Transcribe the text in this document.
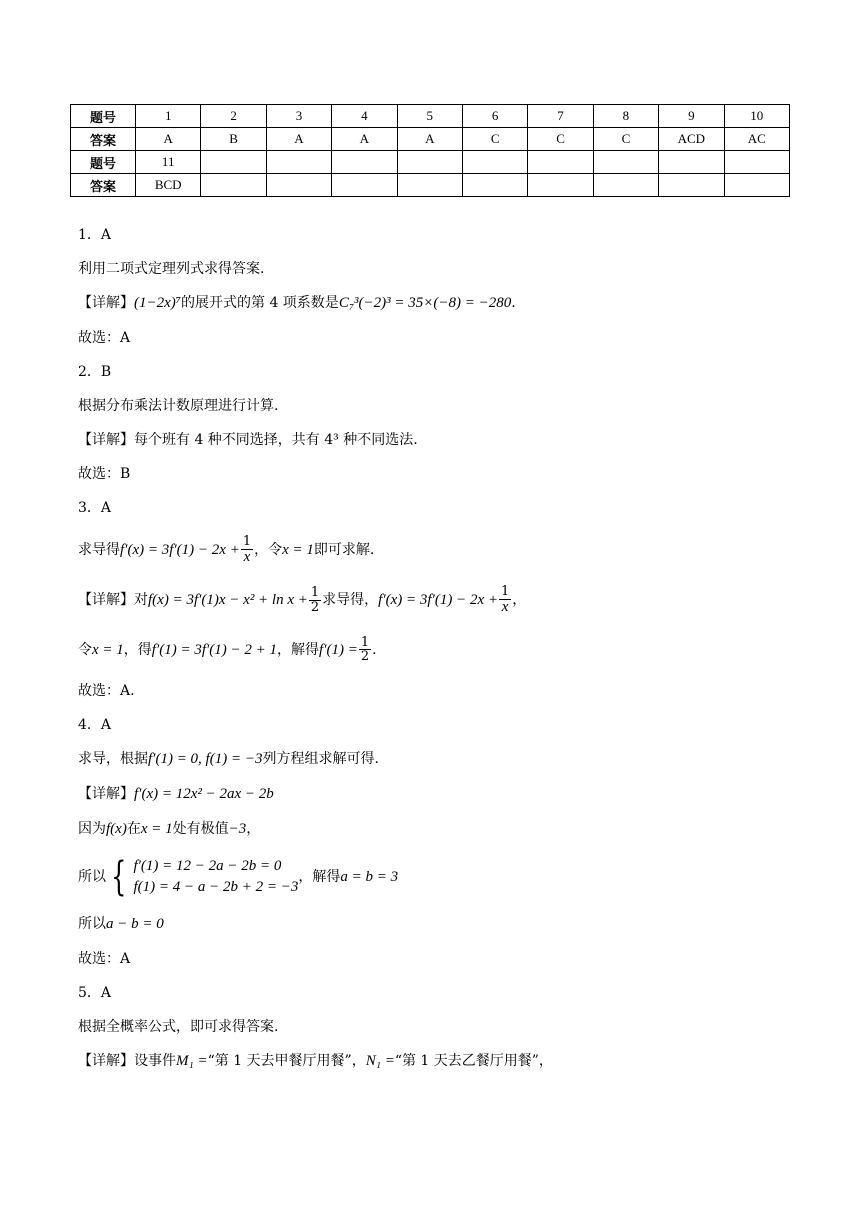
题号	1	2	3	4	5	6	7	8	9	10
答案	A	B	A	A	A	C	C	C	ACD	AC
题号	11									
答案	BCD									

1．A

利用二项式定理列式求得答案.

【详解】(1−2x)⁷的展开式的第 4 项系数是C₇³(−2)³ = 35×(−8) = −280.

故选：A

2．B

根据分布乘法计数原理进行计算.

【详解】每个班有 4 种不同选择，共有 4³ 种不同选法.

故选：B

3．A

求导得$f'(x) = 3f'(1) - 2x + \frac{1}{x}$ ，令x = 1即可求解.

【详解】对$f(x) = 3f'(1)x - x^2 + \ln x + \frac{1}{2}$ 求导得，$f'(x) = 3f'(1) - 2x + \frac{1}{x}$ ，

令x = 1，得f′(1) = 3f′(1) − 2 + 1，解得$f'(1) = \frac{1}{2}$ .

故选：A.

4．A

求导，根据f′(1) = 0, f(1) = −3列方程组求解可得.

【详解】f′(x) = 12x² − 2ax − 2b

因为f(x)在x = 1处有极值−3，

所以 { f′(1) = 12 − 2a − 2b = 0
f(1) = 4 − a − 2b + 2 = −3
，解得a = b = 3

所以a − b = 0

故选：A

5．A

根据全概率公式，即可求得答案.

【详解】设事件M₁ =“第 1 天去甲餐厅用餐”，N₁ =“第 1 天去乙餐厅用餐”，
